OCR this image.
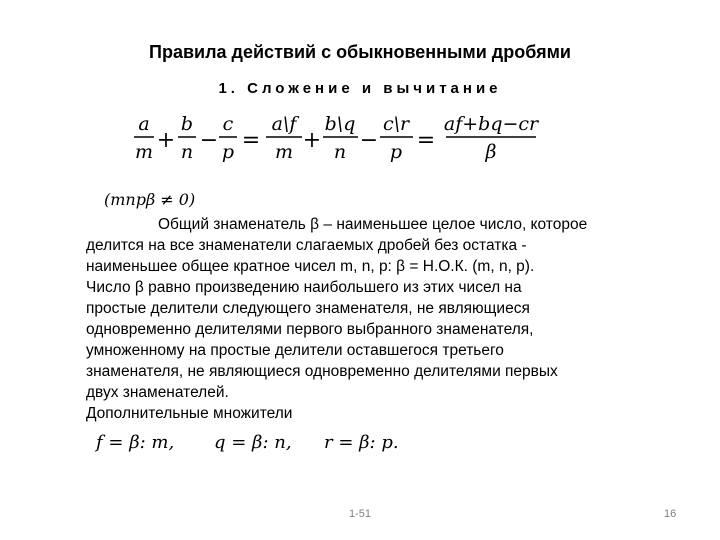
Правила действий с обыкновенными дробями
1. Сложение и вычитание
a
m +
b
n −
c
p =
a\f
m +
b\q
n −
c\r
p =
af+bq−cr
β
(mnpβ ≠ 0)
Общий знаменатель β – наименьшее целое число, которое
делится на все знаменатели слагаемых дробей без остатка -
наименьшее общее кратное чисел m, n, p: β = Н.О.К. (m, n, p).
Число β равно произведению наибольшего из этих чисел на
простые делители следующего знаменателя, не являющиеся
одновременно делителями первого выбранного знаменателя,
умноженному на простые делители оставшегося третьего
знаменателя, не являющиеся одновременно делителями первых
двух знаменателей.
Дополнительные множители
f = β: m, q = β: n, r = β: p.
1-51	16
